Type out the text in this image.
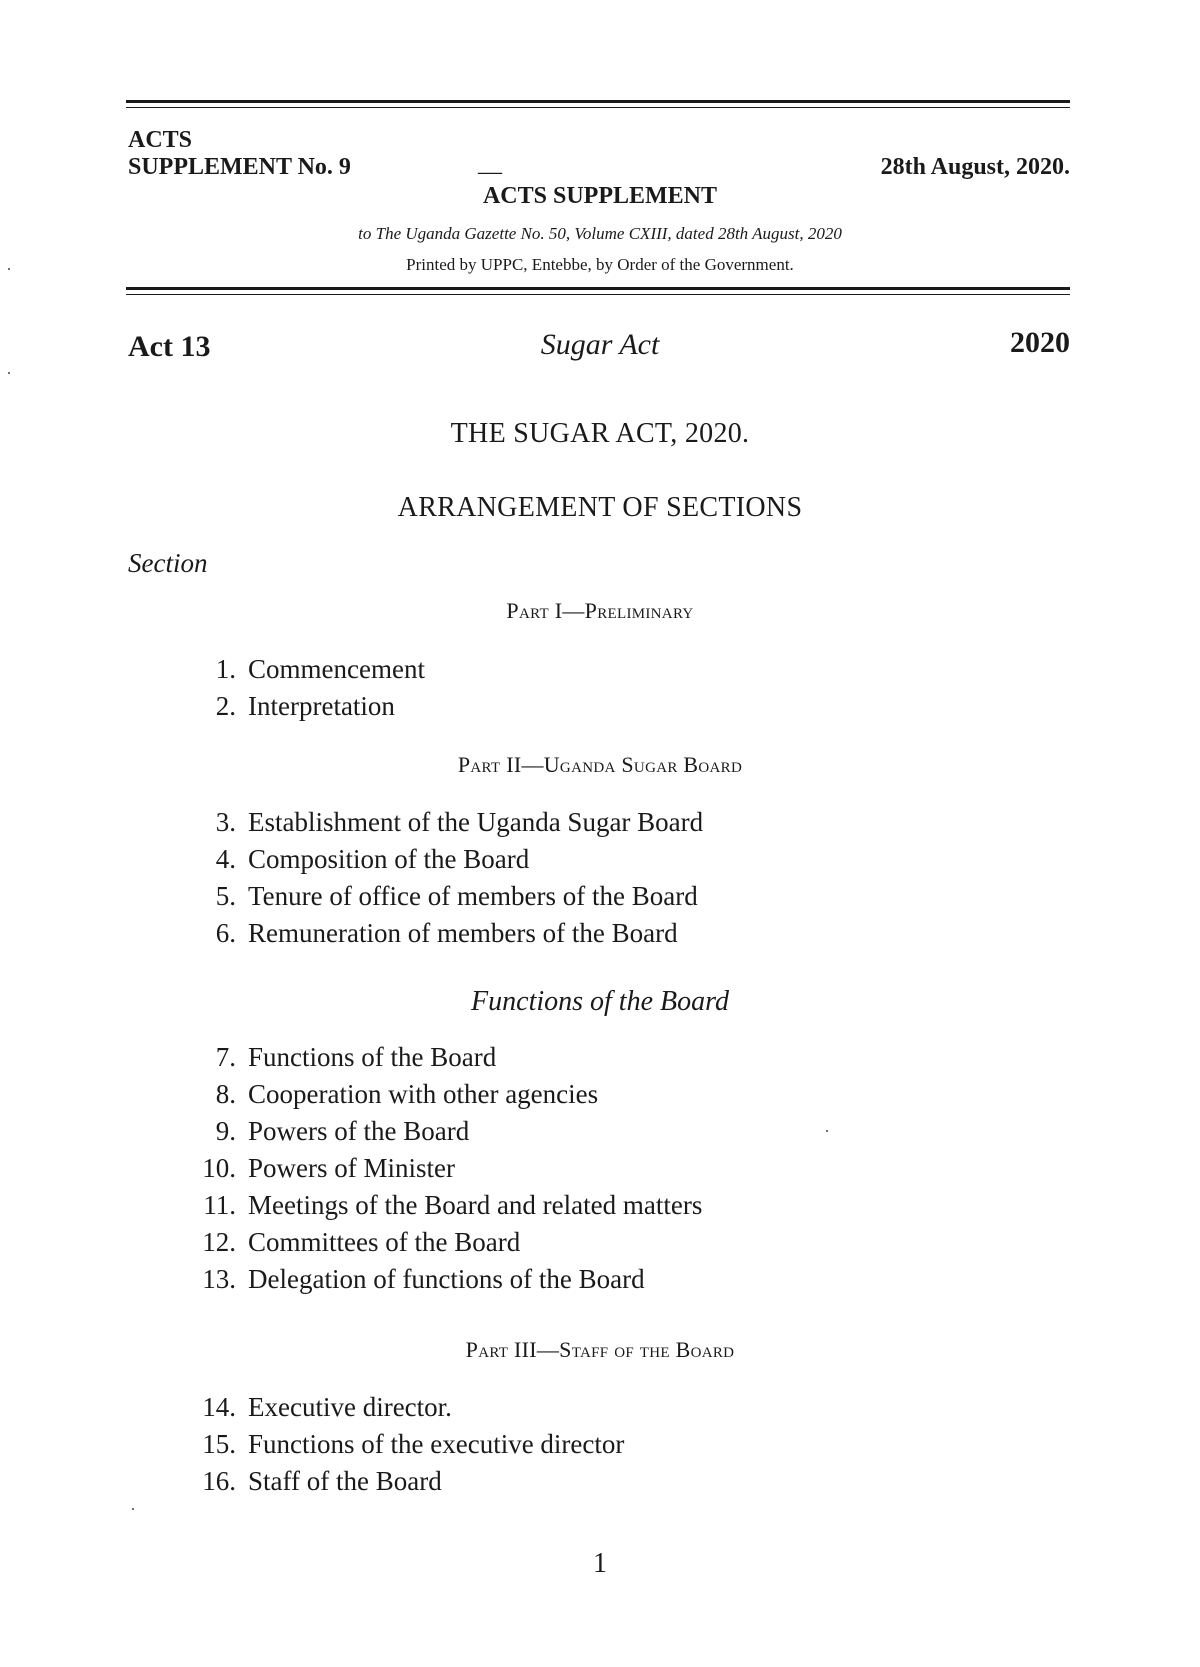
ACTS
SUPPLEMENT No. 9	__	28th August, 2020.
ACTS SUPPLEMENT
to The Uganda Gazette No. 50, Volume CXIII, dated 28th August, 2020
Printed by UPPC, Entebbe, by Order of the Government.
Act 13	Sugar Act	2020
THE SUGAR ACT, 2020.
ARRANGEMENT OF SECTIONS
Section
Part I—Preliminary
1. Commencement
2. Interpretation
Part II—Uganda Sugar Board
3. Establishment of the Uganda Sugar Board
4. Composition of the Board
5. Tenure of office of members of the Board
6. Remuneration of members of the Board
Functions of the Board
7. Functions of the Board
8. Cooperation with other agencies
9. Powers of the Board
10. Powers of Minister
11. Meetings of the Board and related matters
12. Committees of the Board
13. Delegation of functions of the Board
Part III—Staff of the Board
14. Executive director.
15. Functions of the executive director
16. Staff of the Board
1
